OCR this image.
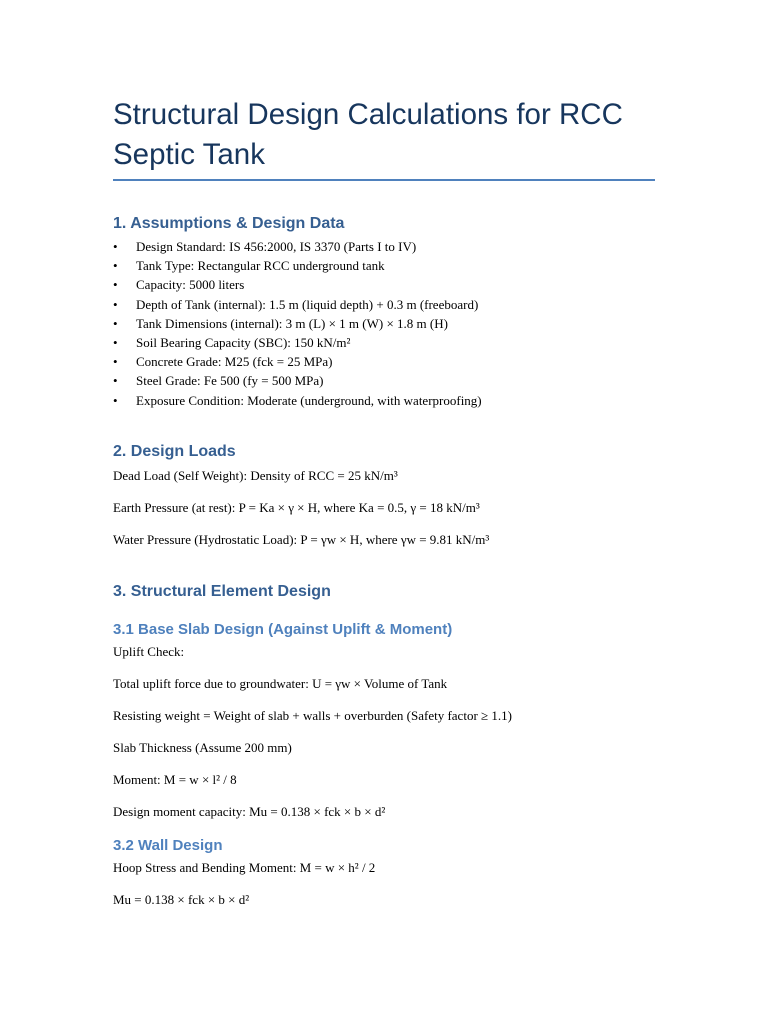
Structural Design Calculations for RCC Septic Tank
1. Assumptions & Design Data
• Design Standard: IS 456:2000, IS 3370 (Parts I to IV)
• Tank Type: Rectangular RCC underground tank
• Capacity: 5000 liters
• Depth of Tank (internal): 1.5 m (liquid depth) + 0.3 m (freeboard)
• Tank Dimensions (internal): 3 m (L) × 1 m (W) × 1.8 m (H)
• Soil Bearing Capacity (SBC): 150 kN/m²
• Concrete Grade: M25 (fck = 25 MPa)
• Steel Grade: Fe 500 (fy = 500 MPa)
• Exposure Condition: Moderate (underground, with waterproofing)
2. Design Loads

Dead Load (Self Weight): Density of RCC = 25 kN/m³

Earth Pressure (at rest): P = Ka × γ × H, where Ka = 0.5, γ = 18 kN/m³

Water Pressure (Hydrostatic Load): P = γw × H, where γw = 9.81 kN/m³

3. Structural Element Design
3.1 Base Slab Design (Against Uplift & Moment)

Uplift Check:

Total uplift force due to groundwater: U = γw × Volume of Tank

Resisting weight = Weight of slab + walls + overburden (Safety factor ≥ 1.1)

Slab Thickness (Assume 200 mm)

Moment: M = w × l² / 8

Design moment capacity: Mu = 0.138 × fck × b × d²

3.2 Wall Design

Hoop Stress and Bending Moment: M = w × h² / 2

Mu = 0.138 × fck × b × d²
